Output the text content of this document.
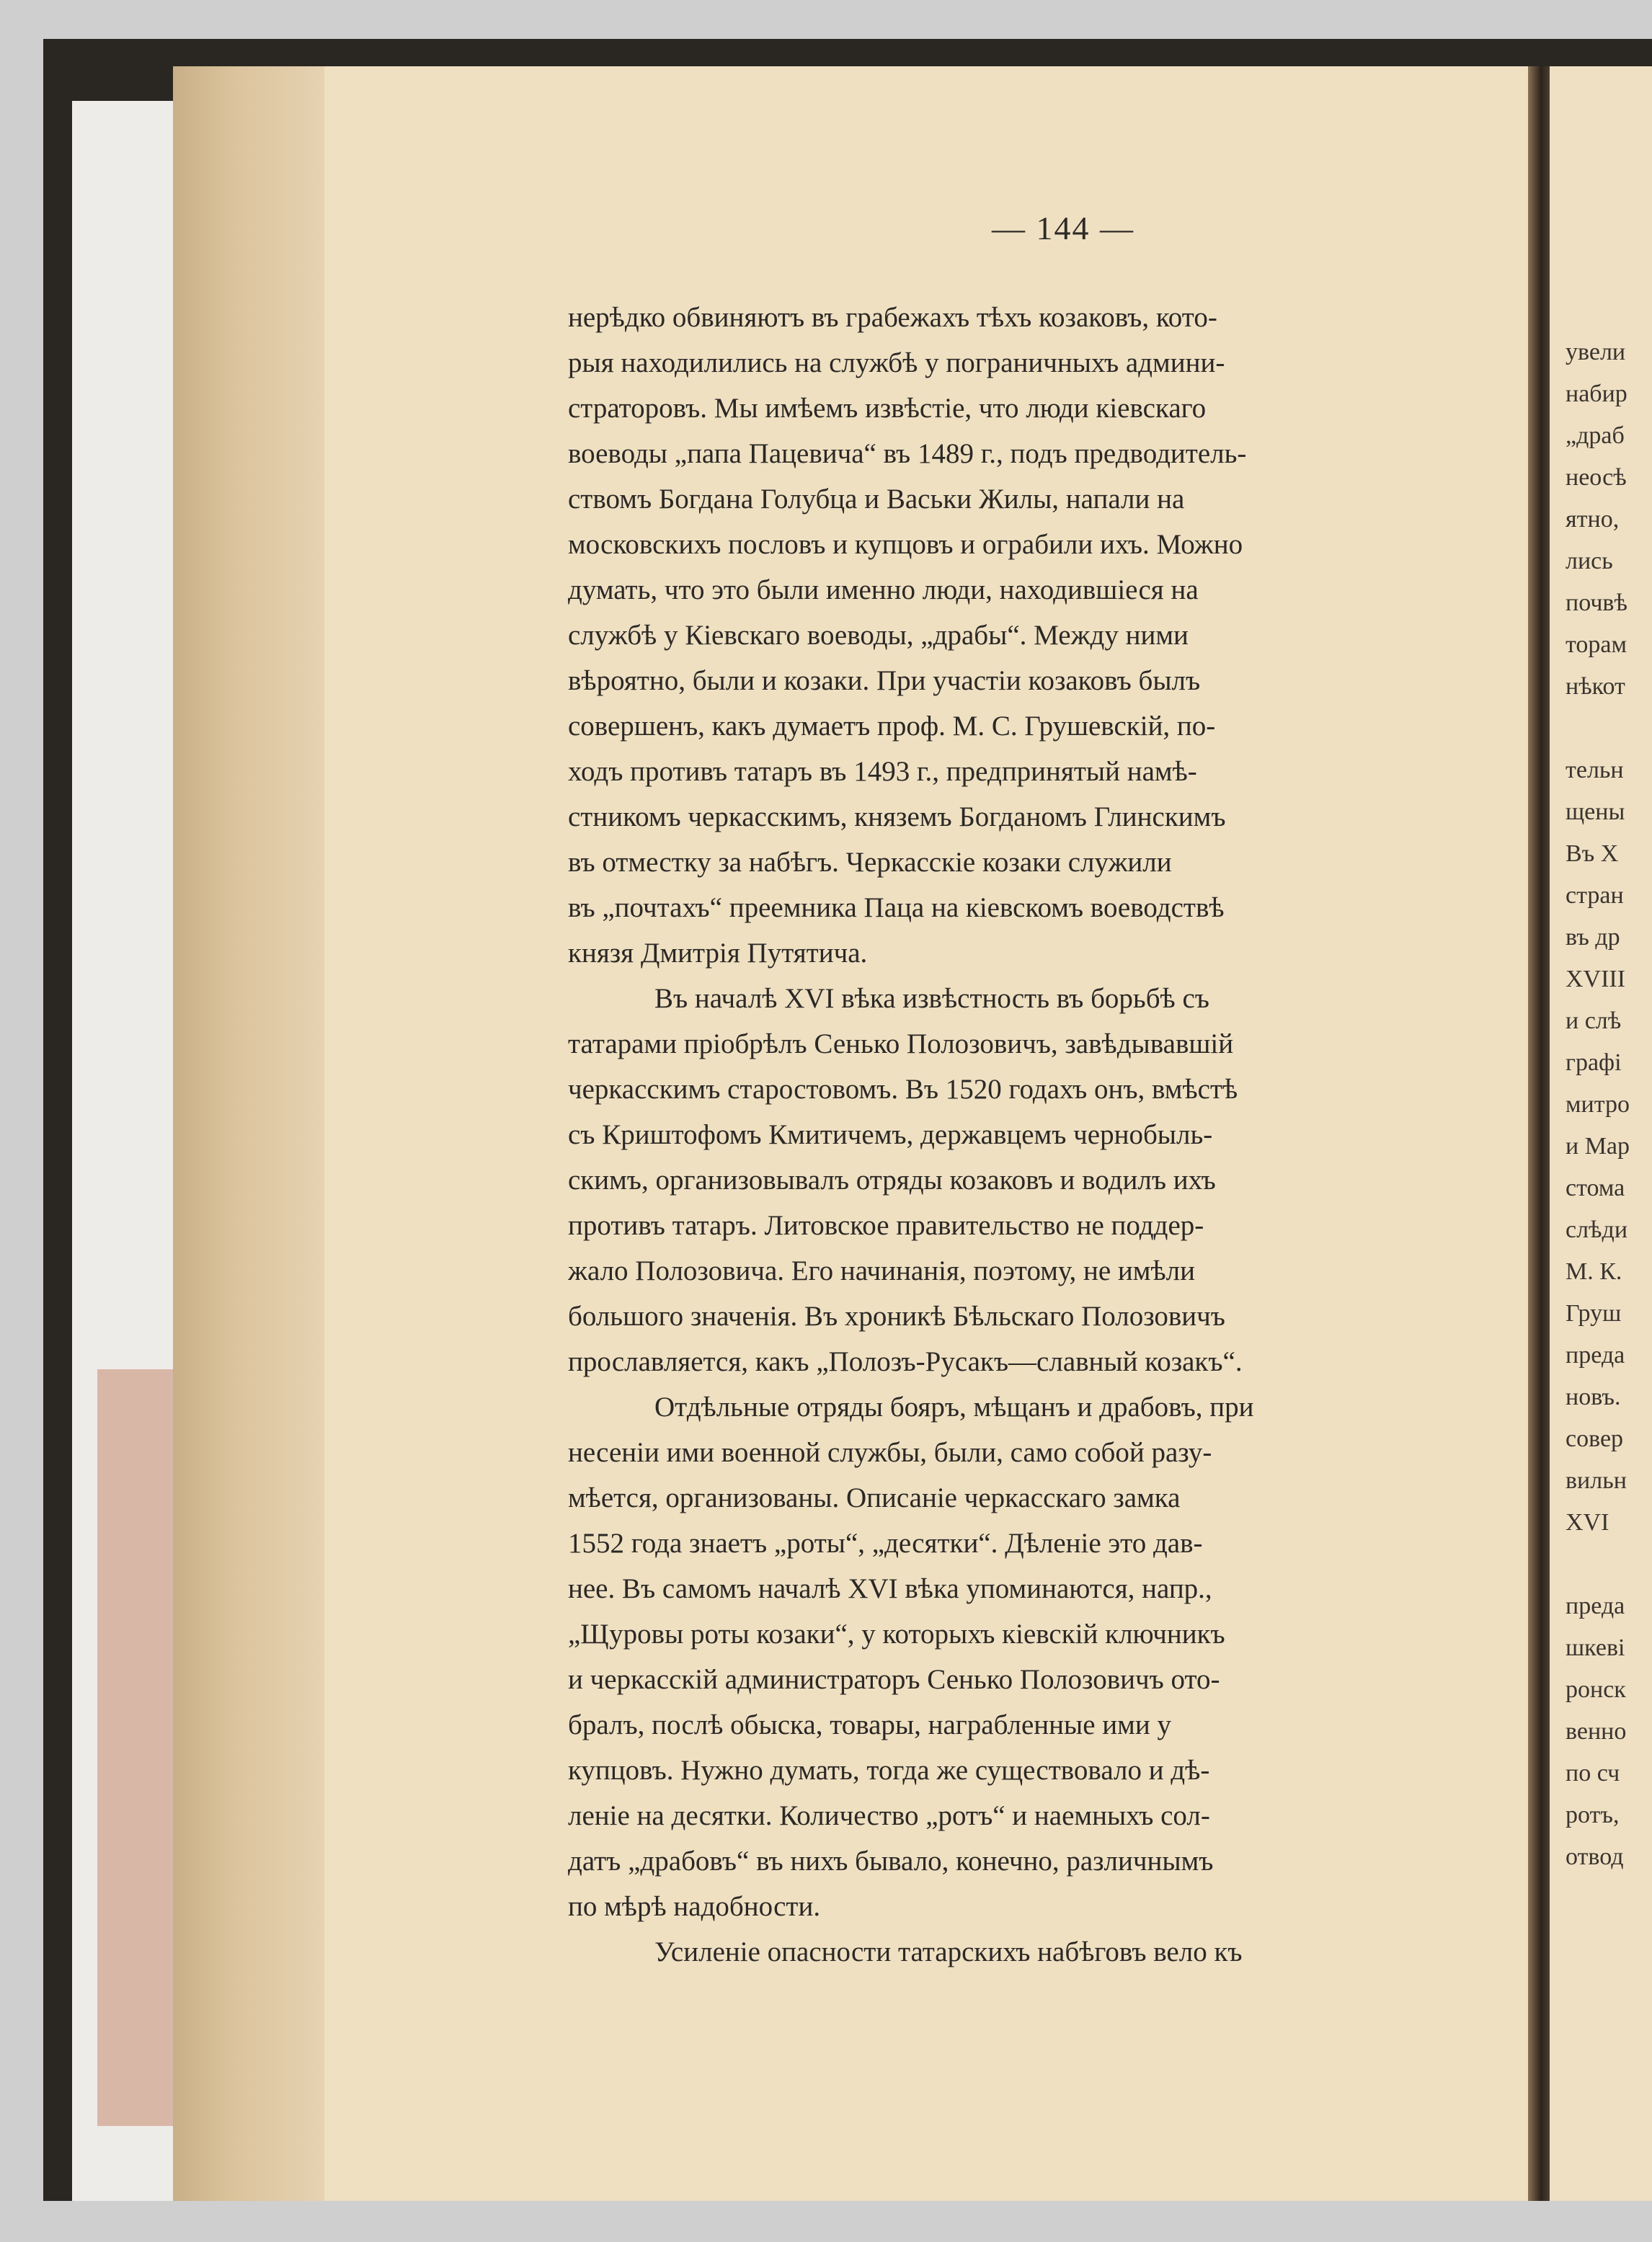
— 144 —
нерѣдко обвиняютъ въ грабежахъ тѣхъ козаковъ, кото-
рыя находилились на службѣ у пограничныхъ админи-
страторовъ. Мы имѣемъ извѣстіе, что люди кіевскаго
воеводы „папа Пацевича“ въ 1489 г., подъ предводитель-
ствомъ Богдана Голубца и Васьки Жилы, напали на
московскихъ пословъ и купцовъ и ограбили ихъ. Можно
думать, что это были именно люди, находившіеся на
службѣ у Кіевскаго воеводы, „драбы“. Между ними
вѣроятно, были и козаки. При участіи козаковъ былъ
совершенъ, какъ думаетъ проф. М. С. Грушевскій, по-
ходъ противъ татаръ въ 1493 г., предпринятый намѣ-
стникомъ черкасскимъ, княземъ Богданомъ Глинскимъ
въ отместку за набѣгъ. Черкасскіе козаки служили
въ „почтахъ“ преемника Паца на кіевскомъ воеводствѣ
князя Дмитрія Путятича.
Въ началѣ XVI вѣка извѣстность въ борьбѣ съ
татарами пріобрѣлъ Сенько Полозовичъ, завѣдывавшій
черкасскимъ старостовомъ. Въ 1520 годахъ онъ, вмѣстѣ
съ Криштофомъ Кмитичемъ, державцемъ чернобыль-
скимъ, организовывалъ отряды козаковъ и водилъ ихъ
противъ татаръ. Литовское правительство не поддер-
жало Полозовича. Его начинанія, поэтому, не имѣли
большого значенія. Въ хроникѣ Бѣльскаго Полозовичъ
прославляется, какъ „Полозъ-Русакъ—славный козакъ“.
Отдѣльные отряды бояръ, мѣщанъ и драбовъ, при
несеніи ими военной службы, были, само собой разу-
мѣется, организованы. Описаніе черкасскаго замка
1552 года знаетъ „роты“, „десятки“. Дѣленіе это дав-
нее. Въ самомъ началѣ XVI вѣка упоминаются, напр.,
„Щуровы роты козаки“, у которыхъ кіевскій ключникъ
и черкасскій администраторъ Сенько Полозовичъ ото-
бралъ, послѣ обыска, товары, награбленные ими у
купцовъ. Нужно думать, тогда же существовало и дѣ-
леніе на десятки. Количество „ротъ“ и наемныхъ сол-
датъ „драбовъ“ въ нихъ бывало, конечно, различнымъ
по мѣрѣ надобности.
Усиленіе опасности татарскихъ набѣговъ вело къ
увели
набир
„драб
неосѣ
ятно,
лись
почвѣ
торам
нѣкот
тельн
щены
Въ Х
стран
въ др
XVIII
и слѣ
графі
митро
и Мар
стома
слѣди
М. К.
Груш
преда
новъ.
совер
вильн
XVI
преда
шкеві
ронск
венно
по сч
ротъ,
отвод
